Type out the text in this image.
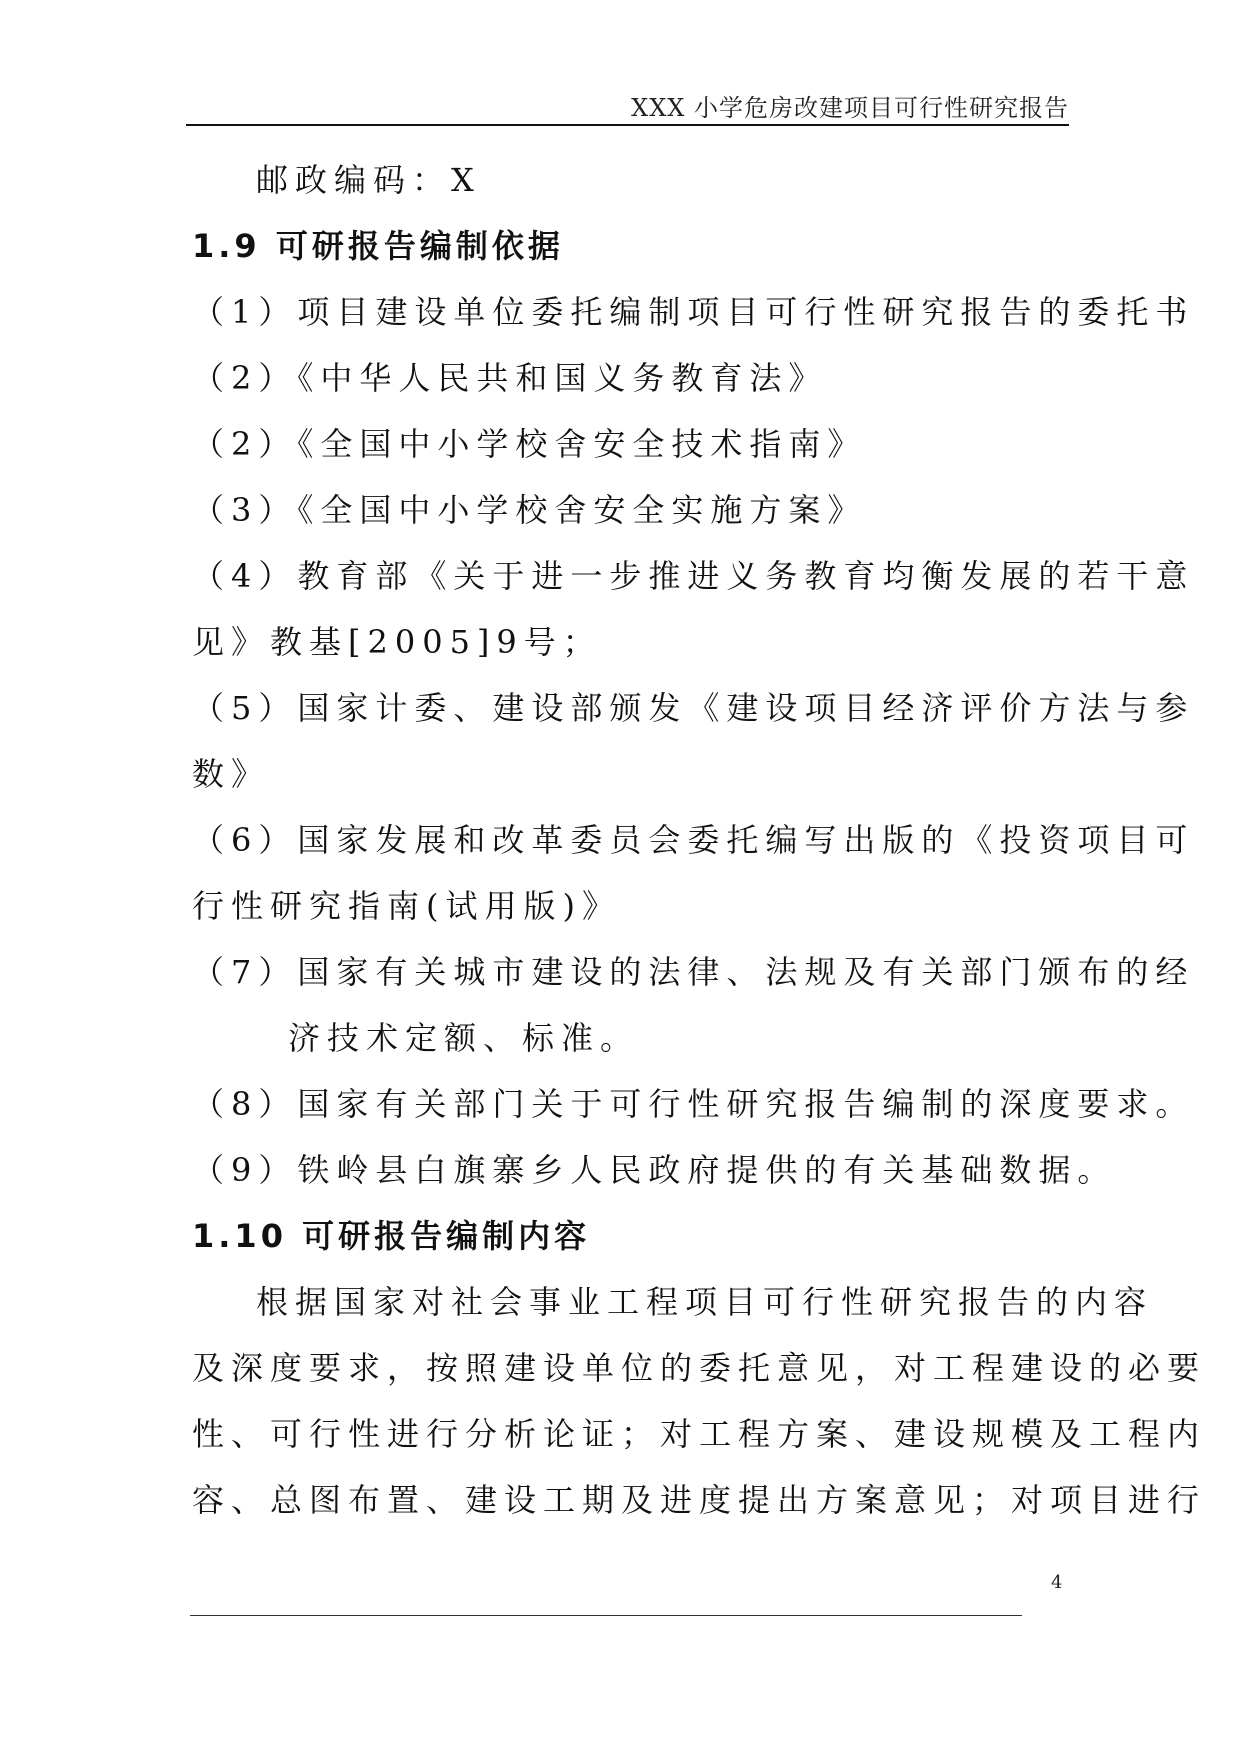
XXX 小学危房改建项目可行性研究报告
邮政编码：X
1.9 可研报告编制依据
（1）项目建设单位委托编制项目可行性研究报告的委托书
（2）《中华人民共和国义务教育法》
（2）《全国中小学校舍安全技术指南》
（3）《全国中小学校舍安全实施方案》
（4）教育部《关于进一步推进义务教育均衡发展的若干意
见》教基[2005]9号；
（5）国家计委、建设部颁发《建设项目经济评价方法与参
数》
（6）国家发展和改革委员会委托编写出版的《投资项目可
行性研究指南(试用版)》
（7）国家有关城市建设的法律、法规及有关部门颁布的经
济技术定额、标准。
（8）国家有关部门关于可行性研究报告编制的深度要求。
（9）铁岭县白旗寨乡人民政府提供的有关基础数据。
1.10 可研报告编制内容
根据国家对社会事业工程项目可行性研究报告的内容
及深度要求，按照建设单位的委托意见，对工程建设的必要
性、可行性进行分析论证；对工程方案、建设规模及工程内
容、总图布置、建设工期及进度提出方案意见；对项目进行
4
